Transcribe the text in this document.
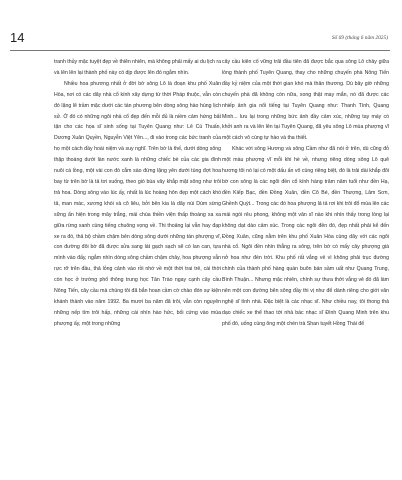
14	Số 69 (tháng 6 năm 2025)

tranh thủy mặc tuyệt đẹp về thiên nhiên, mà không phải mấy ai du lịch ra và lên lên lại thành phố này có dịp được lên đó ngắm nhìn.

Nhiều hoa phương nhất ở đời bờ sông Lô là đoạn khu phố Xuân Hòa, nơi có các dãy nhà cổ kính xây dựng từ thời Pháp thuộc, vẫn còn đó lặng lẽ trầm mặc dưới các tán phương bên dòng sông hào hùng lịch sử. Ở đó có những ngôi nhà cổ đẹp đến mỗi đủ là niềm cảm hứng bất tận cho các họa sĩ sinh sống tại Tuyên Quang như: Lê Cù Thuấn, Dương Xuân Quyền, Nguyễn Việt Yên..., đi vào trong các bức tranh của họ một cách đầy hoài niệm và suy nghĩ. Trên bờ là thế, dưới dòng sông thập thoáng dưới làn nước xanh là những chiếc bè của các gia đình nuôi cá lồng, một vài con đò cắm sào đứng lặng yên dưới tùng đợt hoa bay từ trên bờ là tả tơi xuống, theo gió bùa vây khắp mặt sông như trôi trả hoa. Dòng sông vào lúc ấy, nhất là lúc hoàng hôn đẹp một cách khó tả, man mác, xương khói và cô liêu, bởi bên kia là dãy núi Dùm sừng sững ẩn hiện trong mây trắng, mái chùa thiền viện thấp thoáng xa xa giữa rừng xanh cùng tiếng chuông vọng về. Thi thoảng lại vẫn hay đạp xe ra đó, thả bộ chầm chậm bên dòng sông dưới những tán phượng vĩ, con đường đôi bờ đã được sửa sang lát gạch sạch sẽ có lan can, tựa mình vào đấy, ngắm nhìn dòng sông chầm chậm chảy, hoa phượng vẫn rực rỡ trên đầu, thả lỏng cảnh vào rồi nhớ về một thời trai trẻ, cái thời còn học ở trường phổ thông trung học Tân Trào ngay cạnh cây cầu Nông Tiến, cây cầu mà chúng tôi đã bắn hoan cầm cờ chào đón sự kiện khánh thành vào năm 1992. Ba mươi ba năm đã trôi, vẫn còn nguyên những nếp tìm trôi hấp, những cái nhìn hào hức, bối cứng vào mùa phượng ấy, một trong những

cây cầu kiên cố vững trãi đầu tiên đã được bắc qua sông Lô chảy giữa lòng thành phố Tuyên Quang, thay cho những chuyến phà Nông Tiến đầy kỷ niệm của một thời gian khó mà thân thương. Dù bây giờ những chuyến phà đã không còn nữa, xong thật may mắn, nó đã được các nhiếp ảnh gia nổi tiếng tại Tuyên Quang như: Thanh Tình, Quang Minh... lưu lại trong những bức ảnh đầy cảm xúc, những tay máy có khởi anh ra và lên lên tại Tuyên Quang, đã yêu sông Lô mùa phượng vĩ một cách vô cùng tự hào và tha thiết.

Khác với sông Hương và sông Cầm như đã nói ở trên, dù cũng đỏ một màu phượng vĩ mỗi khi hè về, nhưng riêng dòng sông Lô quê hương tôi nó lại có một dấu ấn vô cùng riêng biệt, đó là trải dài khắp đôi bờ con sông là các ngôi đền cổ kính hàng trăm năm tuổi như đền Hạ, đền Kiếp Bạc, đền Đồng Xuân, đền Cô Bé, đền Thượng, Lâm Sơn, Ghềnh Quýt... Trong các đó hoa phượng lả tả rơi khi trôi đổ mùa lên các mái ngói rêu phong, không một văn sĩ nào khi nhìn thấy trong lòng lại không dạt dào cảm xúc. Trong các ngôi đền đó, đẹp nhất phải kể đến Đồng Xuân, cũng nằm trên khu phố Xuân Hòa cùng dãy với các ngôi nhà cổ. Ngôi đền nhìn thẳng ra sông, trên bờ có mấy cây phượng già nở hoa như đèn trời. Khu phố rất vắng vẻ vì không phải trục đường chính của thành phố hàng quán buôn bán sầm uất như Quang Trung, Bình Thuận... Nhưng mặc nhiên, chính sự thưa thớt vắng vẻ đó đã làm nên một con đường bên sông đầy thi vị như để dành riêng cho giới văn nghệ sĩ tình nhà. Đặc biệt là các nhạc sĩ. Như chiều nay, tôi thong thả dạo chiếc xe thể thao tới nhà bác nhạc sĩ Đình Quang Minh trên khu phố đó, uống cùng ông một chén trà Shan tuyết Hồng Thái để
